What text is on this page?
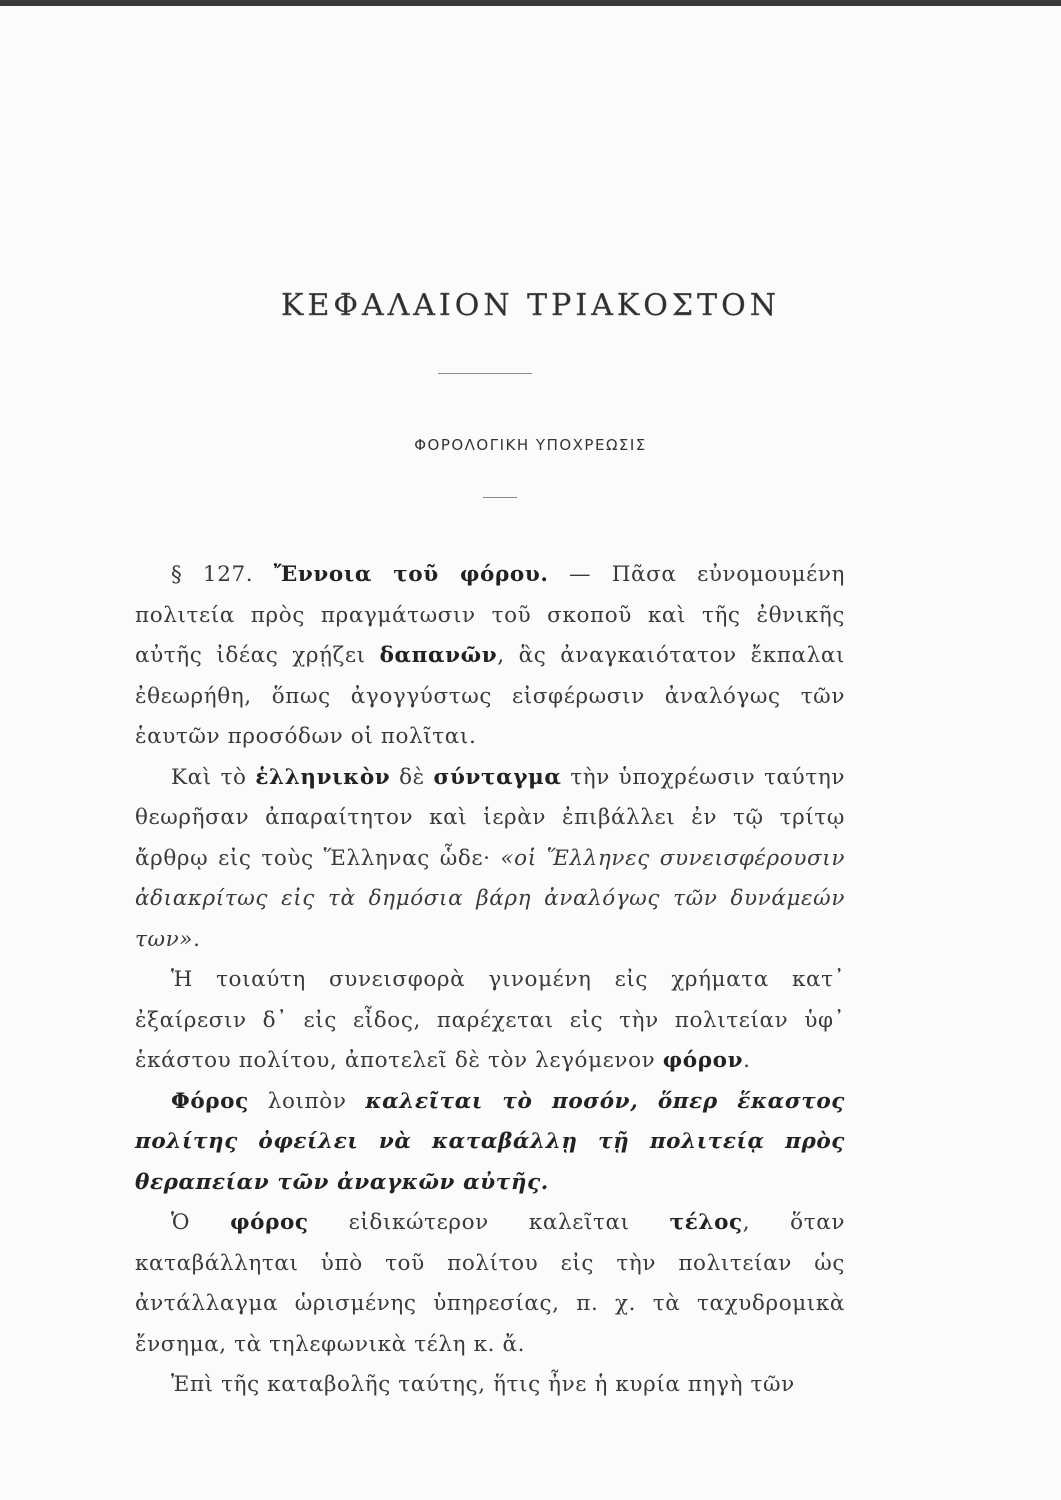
ΚΕΦΑΛΑΙΟΝ ΤΡΙΑΚΟΣΤΟΝ
ΦΟΡΟΛΟΓΙΚΗ ΥΠΟΧΡΕΩΣΙΣ

§ 127. Ἔννοια τοῦ φόρου. — Πᾶσα εὐνομουμένη πολιτεία πρὸς πραγμάτωσιν τοῦ σκοποῦ καὶ τῆς ἐθνικῆς αὐτῆς ἰδέας χρῄζει δαπανῶν, ἃς ἀναγκαιότατον ἔκπαλαι ἐθεωρήθη, ὅπως ἀγογγύστως εἰσφέρωσιν ἀναλόγως τῶν ἑαυτῶν προσόδων οἱ πολῖται.

Καὶ τὸ ἑλληνικὸν δὲ σύνταγμα τὴν ὑποχρέωσιν ταύτην θεωρῆσαν ἀπαραίτητον καὶ ἱερὰν ἐπιβάλλει ἐν τῷ τρίτῳ ἄρθρῳ εἰς τοὺς Ἕλληνας ὧδε· «οἱ Ἕλληνες συνεισφέρουσιν ἀδιακρίτως εἰς τὰ δημόσια βάρη ἀναλόγως τῶν δυνάμεών των».

Ἡ τοιαύτη συνεισφορὰ γινομένη εἰς χρήματα κατ᾽ ἐξαίρεσιν δ᾽ εἰς εἶδος, παρέχεται εἰς τὴν πολιτείαν ὑφ᾽ ἑκάστου πολίτου, ἀποτελεῖ δὲ τὸν λεγόμενον φόρον.

Φόρος λοιπὸν καλεῖται τὸ ποσόν, ὅπερ ἕκαστος πολίτης ὀφείλει νὰ καταβάλλῃ τῇ πολιτείᾳ πρὸς θεραπείαν τῶν ἀναγκῶν αὐτῆς.

Ὁ φόρος εἰδικώτερον καλεῖται τέλος, ὅταν καταβάλληται ὑπὸ τοῦ πολίτου εἰς τὴν πολιτείαν ὡς ἀντάλλαγμα ὡρισμένης ὑπηρεσίας, π. χ. τὰ ταχυδρομικὰ ἔνσημα, τὰ τηλεφωνικὰ τέλη κ. ἄ.

Ἐπὶ τῆς καταβολῆς ταύτης, ἥτις ἦνε ἡ κυρία πηγὴ τῶν
